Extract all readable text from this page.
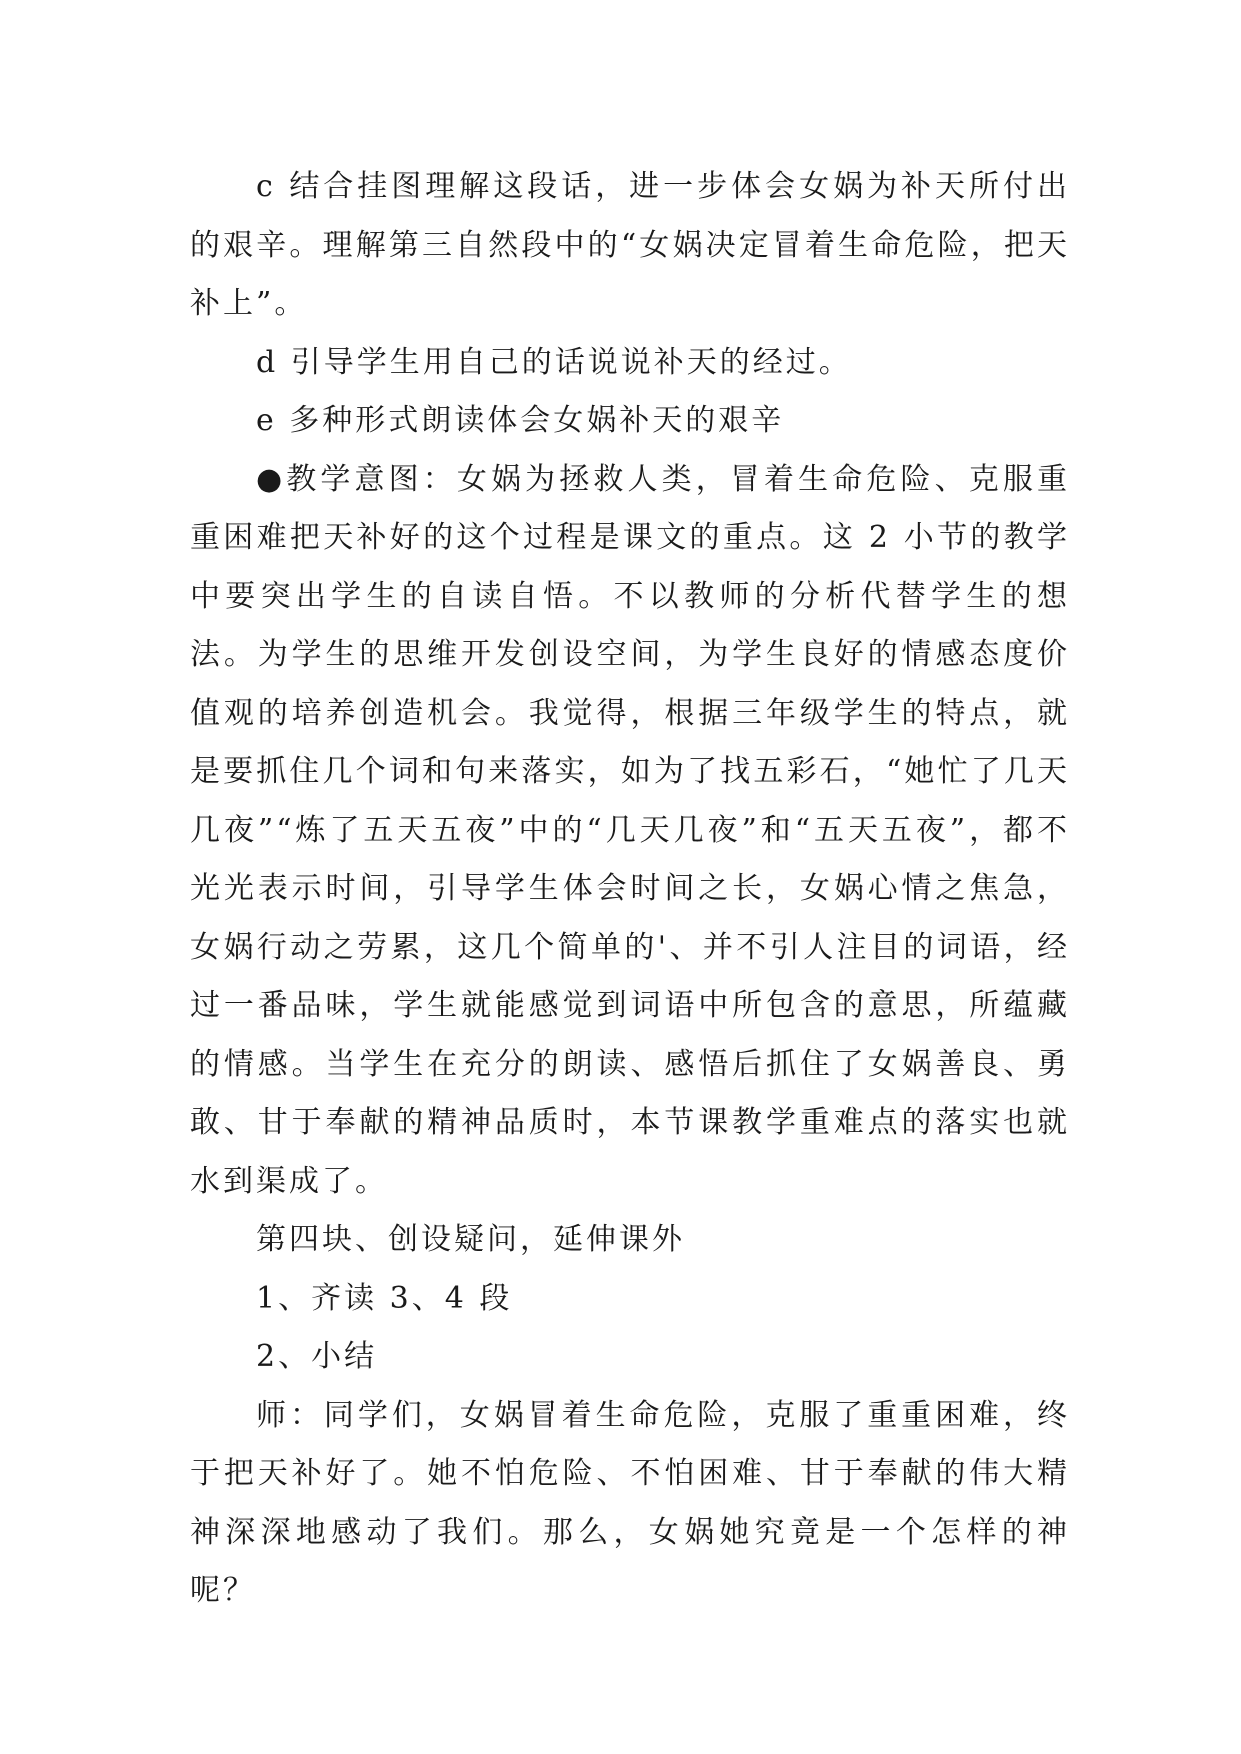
c 结合挂图理解这段话，进一步体会女娲为补天所付出的艰辛。理解第三自然段中的“女娲决定冒着生命危险，把天补上”。

d 引导学生用自己的话说说补天的经过。

e 多种形式朗读体会女娲补天的艰辛

●教学意图：女娲为拯救人类，冒着生命危险、克服重重困难把天补好的这个过程是课文的重点。这 2 小节的教学中要突出学生的自读自悟。不以教师的分析代替学生的想法。为学生的思维开发创设空间，为学生良好的情感态度价值观的培养创造机会。我觉得，根据三年级学生的特点，就是要抓住几个词和句来落实，如为了找五彩石，“她忙了几天几夜”“炼了五天五夜”中的“几天几夜”和“五天五夜”，都不光光表示时间，引导学生体会时间之长，女娲心情之焦急，女娲行动之劳累，这几个简单的'、并不引人注目的词语，经过一番品味，学生就能感觉到词语中所包含的意思，所蕴藏的情感。当学生在充分的朗读、感悟后抓住了女娲善良、勇敢、甘于奉献的精神品质时，本节课教学重难点的落实也就水到渠成了。

第四块、创设疑问，延伸课外

1、齐读 3、4 段

2、小结

师：同学们，女娲冒着生命危险，克服了重重困难，终于把天补好了。她不怕危险、不怕困难、甘于奉献的伟大精神深深地感动了我们。那么，女娲她究竟是一个怎样的神呢？
